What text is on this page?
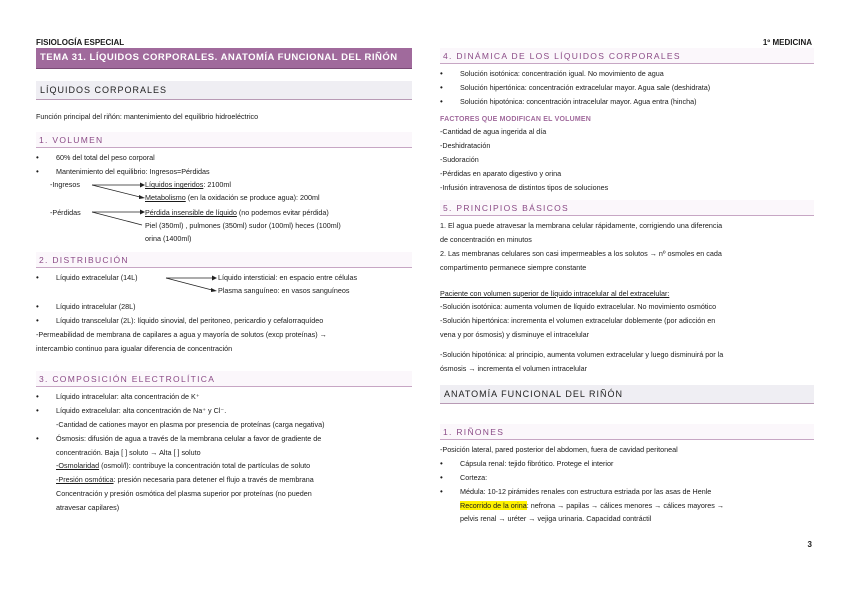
FISIOLOGÍA ESPECIAL	1º MEDICINA
TEMA 31. LÍQUIDOS CORPORALES. ANATOMÍA FUNCIONAL DEL RIÑÓN
LÍQUIDOS CORPORALES
Función principal del riñón: mantenimiento del equilibrio hidroeléctrico
1. VOLUMEN
• 60% del total del peso corporal
• Mantenimiento del equilibrio: Ingresos=Pérdidas
-Ingresos	Líquidos ingeridos: 2100ml
Metabolismo (en la oxidación se produce agua): 200ml
-Pérdidas	Pérdida insensible de líquido (no podemos evitar pérdida)
Piel (350ml) , pulmones (350ml) sudor (100ml) heces (100ml)
orina (1400ml)
2. DISTRIBUCIÓN
• Líquido extracelular (14L)	Líquido intersticial: en espacio entre células
Plasma sanguíneo: en vasos sanguíneos
• Líquido intracelular (28L)
• Líquido transcelular (2L): líquido sinovial, del peritoneo, pericardio y cefalorraquídeo
-Permeabilidad de membrana de capilares a agua y mayoría de solutos (excp proteínas) →
intercambio continuo para igualar diferencia de concentración
3. COMPOSICIÓN ELECTROLÍTICA
• Líquido intracelular: alta concentración de K⁺
• Líquido extracelular: alta concentración de Na⁺ y Cl⁻.
-Cantidad de cationes mayor en plasma por presencia de proteínas (carga negativa)
• Ósmosis: difusión de agua a través de la membrana celular a favor de gradiente de
concentración. Baja [ ] soluto → Alta [ ] soluto
-Osmolaridad (osmol/l): contribuye la concentración total de partículas de soluto
-Presión osmótica: presión necesaria para detener el flujo a través de membrana
Concentración y presión osmótica del plasma superior por proteínas (no pueden
atravesar capilares)
4. DINÁMICA DE LOS LÍQUIDOS CORPORALES
• Solución isotónica: concentración igual. No movimiento de agua
• Solución hipertónica: concentración extracelular mayor. Agua sale (deshidrata)
• Solución hipotónica: concentración intracelular mayor. Agua entra (hincha)
FACTORES QUE MODIFICAN EL VOLUMEN
-Cantidad de agua ingerida al día
-Deshidratación
-Sudoración
-Pérdidas en aparato digestivo y orina
-Infusión intravenosa de distintos tipos de soluciones
5. PRINCIPIOS BÁSICOS
1. El agua puede atravesar la membrana celular rápidamente, corrigiendo una diferencia
de concentración en minutos
2. Las membranas celulares son casi impermeables a los solutos → nº osmoles en cada
compartimento permanece siempre constante
Paciente con volumen superior de líquido intracelular al del extracelular:
-Solución isotónica: aumenta volumen de líquido extracelular. No movimiento osmótico
-Solución hipertónica: incrementa el volumen extracelular doblemente (por adicción en
vena y por ósmosis) y disminuye el intracelular
-Solución hipotónica: al principio, aumenta volumen extracelular y luego disminuirá por la
ósmosis → incrementa el volumen intracelular
ANATOMÍA FUNCIONAL DEL RIÑÓN
1. RIÑONES
-Posición lateral, pared posterior del abdomen, fuera de cavidad peritoneal
• Cápsula renal: tejido fibrótico. Protege el interior
• Corteza:
• Médula: 10-12 pirámides renales con estructura estriada por las asas de Henle
Recorrido de la orina: nefrona → papilas → cálices menores → cálices mayores →
pelvis renal → uréter → vejiga urinaria. Capacidad contráctil
3
